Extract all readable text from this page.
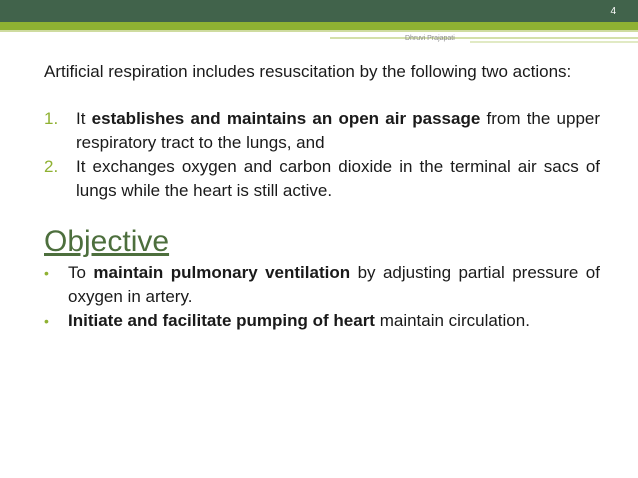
4
Dhruvi Prajapati

Artificial respiration includes resuscitation by the following two actions:

1. It establishes and maintains an open air passage from the upper respiratory tract to the lungs, and
2. It exchanges oxygen and carbon dioxide in the terminal air sacs of lungs while the heart is still active.
Objective
• To maintain pulmonary ventilation by adjusting partial pressure of oxygen in artery.
• Initiate and facilitate pumping of heart maintain circulation.
